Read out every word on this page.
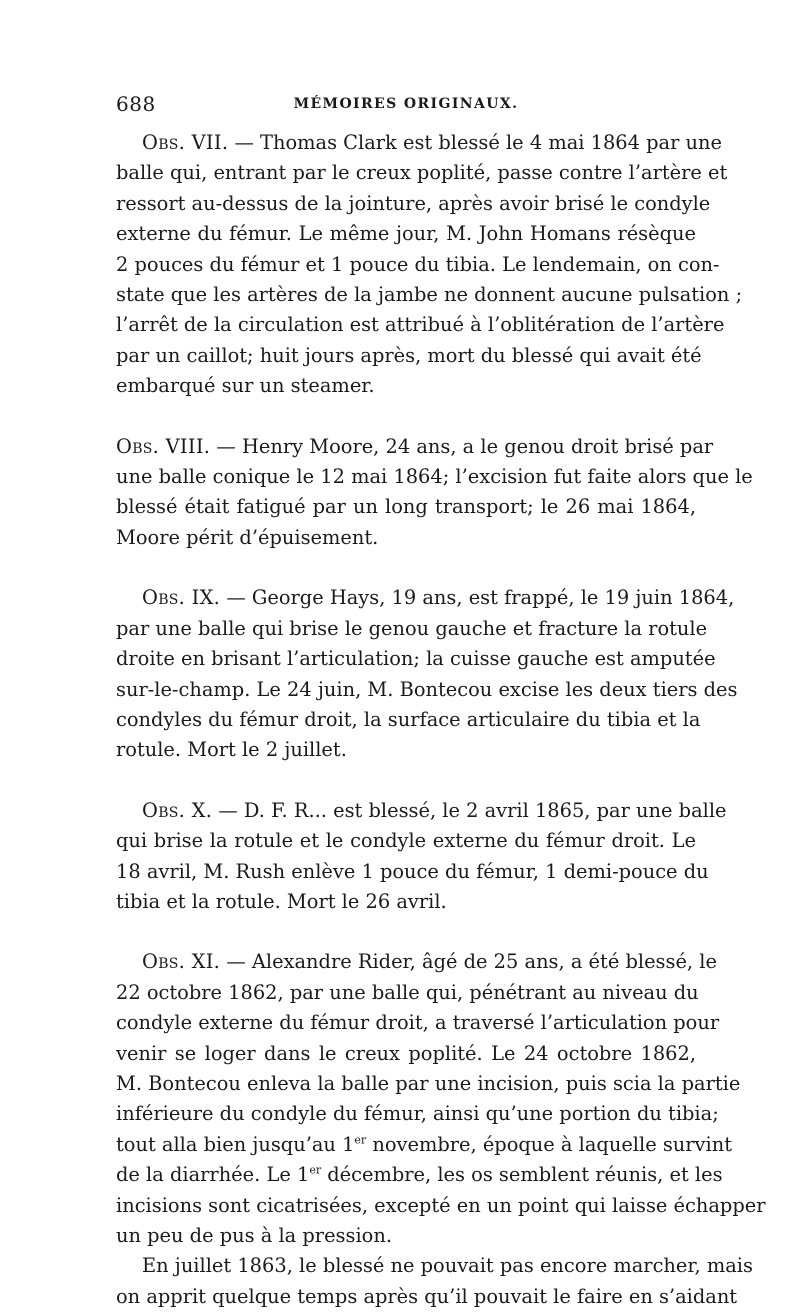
688	MÉMOIRES ORIGINAUX.

Obs. VII. — Thomas Clark est blessé le 4 mai 1864 par une
balle qui, entrant par le creux poplité, passe contre l’artère et
ressort au-dessus de la jointure, après avoir brisé le condyle
externe du fémur. Le même jour, M. John Homans résèque
2 pouces du fémur et 1 pouce du tibia. Le lendemain, on con-
state que les artères de la jambe ne donnent aucune pulsation ;
l’arrêt de la circulation est attribué à l’oblitération de l’artère
par un caillot; huit jours après, mort du blessé qui avait été
embarqué sur un steamer.

Obs. VIII. — Henry Moore, 24 ans, a le genou droit brisé par
une balle conique le 12 mai 1864; l’excision fut faite alors que le
blessé était fatigué par un long transport; le 26 mai 1864,
Moore périt d’épuisement.

Obs. IX. — George Hays, 19 ans, est frappé, le 19 juin 1864,
par une balle qui brise le genou gauche et fracture la rotule
droite en brisant l’articulation; la cuisse gauche est amputée
sur-le-champ. Le 24 juin, M. Bontecou excise les deux tiers des
condyles du fémur droit, la surface articulaire du tibia et la
rotule. Mort le 2 juillet.

Obs. X. — D. F. R... est blessé, le 2 avril 1865, par une balle
qui brise la rotule et le condyle externe du fémur droit. Le
18 avril, M. Rush enlève 1 pouce du fémur, 1 demi-pouce du
tibia et la rotule. Mort le 26 avril.

Obs. XI. — Alexandre Rider, âgé de 25 ans, a été blessé, le
22 octobre 1862, par une balle qui, pénétrant au niveau du
condyle externe du fémur droit, a traversé l’articulation pour
venir se loger dans le creux poplité. Le 24 octobre 1862,
M. Bontecou enleva la balle par une incision, puis scia la partie
inférieure du condyle du fémur, ainsi qu’une portion du tibia;
tout alla bien jusqu’au 1er novembre, époque à laquelle survint
de la diarrhée. Le 1er décembre, les os semblent réunis, et les
incisions sont cicatrisées, excepté en un point qui laisse échapper
un peu de pus à la pression.

En juillet 1863, le blessé ne pouvait pas encore marcher, mais
on apprit quelque temps après qu’il pouvait le faire en s’aidant
